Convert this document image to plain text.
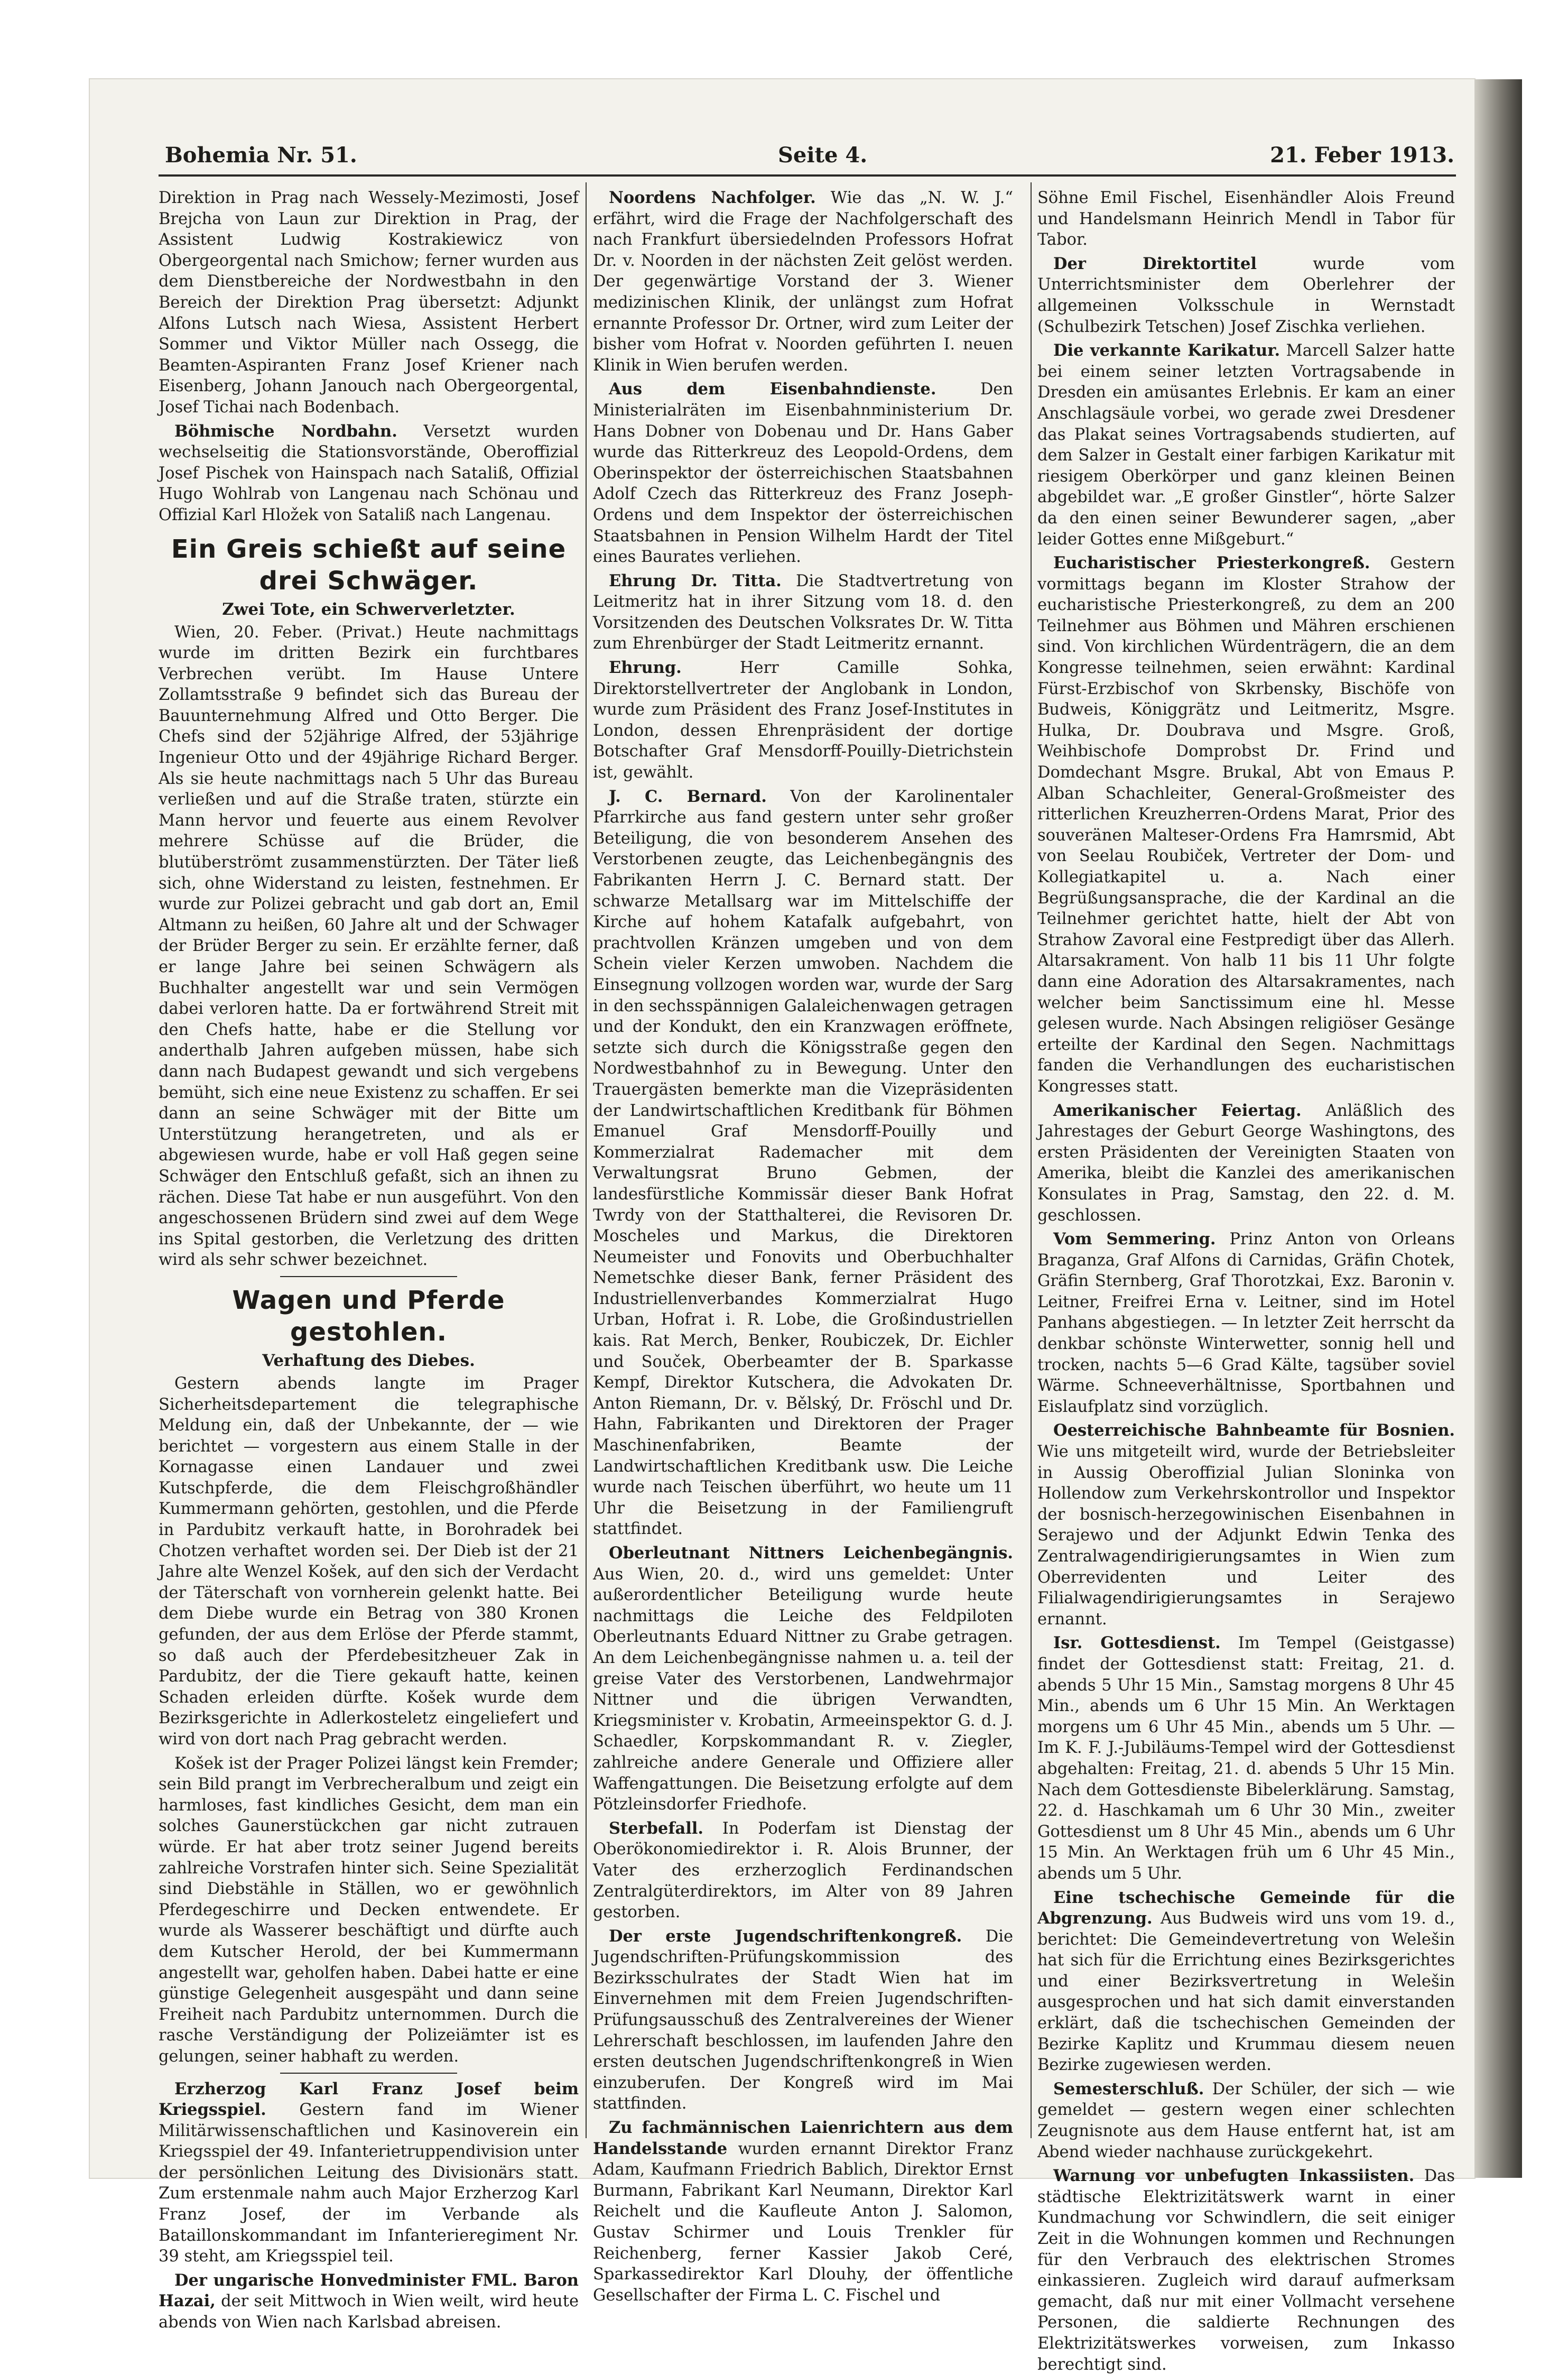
Bohemia Nr. 51.	Seite 4.	21. Feber 1913.

Direktion in Prag nach Wessely-Mezimosti, Josef Brejcha von Laun zur Direktion in Prag, der Assistent Ludwig Kostrakiewicz von Obergeorgental nach Smichow; ferner wurden aus dem Dienstbereiche der Nordwestbahn in den Bereich der Direktion Prag übersetzt: Adjunkt Alfons Lutsch nach Wiesa, Assistent Herbert Sommer und Viktor Müller nach Ossegg, die Beamten-Aspiranten Franz Josef Kriener nach Eisenberg, Johann Janouch nach Obergeorgental, Josef Tichai nach Bodenbach.

Böhmische Nordbahn. Versetzt wurden wechselseitig die Stationsvorstände, Oberoffizial Josef Pischek von Hainspach nach Sataliß, Offizial Hugo Wohlrab von Langenau nach Schönau und Offizial Karl Hložek von Sataliß nach Langenau.

Ein Greis schießt auf seine drei Schwäger.
Zwei Tote, ein Schwerverletzter.

Wien, 20. Feber. (Privat.) Heute nachmittags wurde im dritten Bezirk ein furchtbares Verbrechen verübt. Im Hause Untere Zollamtsstraße 9 befindet sich das Bureau der Bauunternehmung Alfred und Otto Berger. Die Chefs sind der 52jährige Alfred, der 53jährige Ingenieur Otto und der 49jährige Richard Berger. Als sie heute nachmittags nach 5 Uhr das Bureau verließen und auf die Straße traten, stürzte ein Mann hervor und feuerte aus einem Revolver mehrere Schüsse auf die Brüder, die blutüberströmt zusammenstürzten. Der Täter ließ sich, ohne Widerstand zu leisten, festnehmen. Er wurde zur Polizei gebracht und gab dort an, Emil Altmann zu heißen, 60 Jahre alt und der Schwager der Brüder Berger zu sein. Er erzählte ferner, daß er lange Jahre bei seinen Schwägern als Buchhalter angestellt war und sein Vermögen dabei verloren hatte. Da er fortwährend Streit mit den Chefs hatte, habe er die Stellung vor anderthalb Jahren aufgeben müssen, habe sich dann nach Budapest gewandt und sich vergebens bemüht, sich eine neue Existenz zu schaffen. Er sei dann an seine Schwäger mit der Bitte um Unterstützung herangetreten, und als er abgewiesen wurde, habe er voll Haß gegen seine Schwäger den Entschluß gefaßt, sich an ihnen zu rächen. Diese Tat habe er nun ausgeführt. Von den angeschossenen Brüdern sind zwei auf dem Wege ins Spital gestorben, die Verletzung des dritten wird als sehr schwer bezeichnet.

Wagen und Pferde gestohlen.
Verhaftung des Diebes.

Gestern abends langte im Prager Sicherheitsdepartement die telegraphische Meldung ein, daß der Unbekannte, der — wie berichtet — vorgestern aus einem Stalle in der Kornagasse einen Landauer und zwei Kutschpferde, die dem Fleischgroßhändler Kummermann gehörten, gestohlen, und die Pferde in Pardubitz verkauft hatte, in Borohradek bei Chotzen verhaftet worden sei. Der Dieb ist der 21 Jahre alte Wenzel Košek, auf den sich der Verdacht der Täterschaft von vornherein gelenkt hatte. Bei dem Diebe wurde ein Betrag von 380 Kronen gefunden, der aus dem Erlöse der Pferde stammt, so daß auch der Pferdebesitzheuer Zak in Pardubitz, der die Tiere gekauft hatte, keinen Schaden erleiden dürfte. Košek wurde dem Bezirksgerichte in Adlerkosteletz eingeliefert und wird von dort nach Prag gebracht werden.

Košek ist der Prager Polizei längst kein Fremder; sein Bild prangt im Verbrecheralbum und zeigt ein harmloses, fast kindliches Gesicht, dem man ein solches Gaunerstückchen gar nicht zutrauen würde. Er hat aber trotz seiner Jugend bereits zahlreiche Vorstrafen hinter sich. Seine Spezialität sind Diebstähle in Ställen, wo er gewöhnlich Pferdegeschirre und Decken entwendete. Er wurde als Wasserer beschäftigt und dürfte auch dem Kutscher Herold, der bei Kummermann angestellt war, geholfen haben. Dabei hatte er eine günstige Gelegenheit ausgespäht und dann seine Freiheit nach Pardubitz unternommen. Durch die rasche Verständigung der Polizeiämter ist es gelungen, seiner habhaft zu werden.

Erzherzog Karl Franz Josef beim Kriegsspiel. Gestern fand im Wiener Militärwissenschaftlichen und Kasinoverein ein Kriegsspiel der 49. Infanterietruppendivision unter der persönlichen Leitung des Divisionärs statt. Zum erstenmale nahm auch Major Erzherzog Karl Franz Josef, der im Verbande als Bataillonskommandant im Infanterieregiment Nr. 39 steht, am Kriegsspiel teil.

Der ungarische Honvedminister FML. Baron Hazai, der seit Mittwoch in Wien weilt, wird heute abends von Wien nach Karlsbad abreisen.

Noordens Nachfolger. Wie das „N. W. J.“ erfährt, wird die Frage der Nachfolgerschaft des nach Frankfurt übersiedelnden Professors Hofrat Dr. v. Noorden in der nächsten Zeit gelöst werden. Der gegenwärtige Vorstand der 3. Wiener medizinischen Klinik, der unlängst zum Hofrat ernannte Professor Dr. Ortner, wird zum Leiter der bisher vom Hofrat v. Noorden geführten I. neuen Klinik in Wien berufen werden.

Aus dem Eisenbahndienste.	Den Ministerialräten im Eisenbahnministerium Dr. Hans Dobner von Dobenau und Dr. Hans Gaber wurde das Ritterkreuz des Leopold-Ordens, dem Oberinspektor der österreichischen Staatsbahnen Adolf Czech das Ritterkreuz des Franz Joseph-Ordens und dem Inspektor der österreichischen Staatsbahnen in Pension Wilhelm Hardt der Titel eines Baurates verliehen.

Ehrung Dr. Titta. Die Stadtvertretung von Leitmeritz hat in ihrer Sitzung vom 18. d. den Vorsitzenden des Deutschen Volksrates Dr. W. Titta zum Ehrenbürger der Stadt Leitmeritz ernannt.

Ehrung.	Herr Camille Sohka, Direktorstellvertreter der Anglobank in London, wurde zum Präsident des Franz Josef-Institutes in London, dessen Ehrenpräsident der dortige Botschafter Graf Mensdorff-Pouilly-Dietrichstein ist, gewählt.

J. C. Bernard. Von der Karolinentaler Pfarrkirche aus fand gestern unter sehr großer Beteiligung, die von besonderem Ansehen des Verstorbenen zeugte, das Leichenbegängnis des Fabrikanten Herrn J. C. Bernard statt. Der schwarze Metallsarg war im Mittelschiffe der Kirche auf hohem Katafalk aufgebahrt, von prachtvollen Kränzen umgeben und von dem Schein vieler Kerzen umwoben. Nachdem die Einsegnung vollzogen worden war, wurde der Sarg in den sechsspännigen Galaleichenwagen getragen und der Kondukt, den ein Kranzwagen eröffnete, setzte sich durch die Königsstraße gegen den Nordwestbahnhof zu in Bewegung. Unter den Trauergästen bemerkte man die Vizepräsidenten der Landwirtschaftlichen Kreditbank für Böhmen Emanuel Graf Mensdorff-Pouilly und Kommerzialrat Rademacher mit dem Verwaltungsrat Bruno Gebmen, der landesfürstliche Kommissär dieser Bank Hofrat Twrdy von der Statthalterei, die Revisoren Dr. Moscheles und Markus, die Direktoren Neumeister und Fonovits und Oberbuchhalter Nemetschke dieser Bank, ferner Präsident des Industriellenverbandes Kommerzialrat Hugo Urban, Hofrat i. R. Lobe, die Großindustriellen kais. Rat Merch, Benker, Roubiczek, Dr. Eichler und Souček, Oberbeamter der B. Sparkasse Kempf, Direktor Kutschera, die Advokaten Dr. Anton Riemann, Dr. v. Bělský, Dr. Fröschl und Dr. Hahn, Fabrikanten und Direktoren der Prager Maschinenfabriken, Beamte der Landwirtschaftlichen Kreditbank usw. Die Leiche wurde nach Teischen überführt, wo heute um 11 Uhr die Beisetzung in der Familiengruft stattfindet.

Oberleutnant Nittners Leichenbegängnis. Aus Wien, 20. d., wird uns gemeldet: Unter außerordentlicher Beteiligung wurde heute nachmittags die Leiche des Feldpiloten Oberleutnants Eduard Nittner zu Grabe getragen. An dem Leichenbegängnisse nahmen u. a. teil der greise Vater des Verstorbenen, Landwehrmajor Nittner und die übrigen Verwandten, Kriegsminister v. Krobatin, Armeeinspektor G. d. J. Schaedler, Korpskommandant R. v. Ziegler, zahlreiche andere Generale und Offiziere aller Waffengattungen. Die Beisetzung erfolgte auf dem Pötzleinsdorfer Friedhofe.

Sterbefall. In Poderfam ist Dienstag der Oberökonomiedirektor i. R. Alois Brunner, der Vater des erzherzoglich Ferdinandschen Zentralgüterdirektors, im Alter von 89 Jahren gestorben.

Der erste Jugendschriftenkongreß. Die Jugendschriften-Prüfungskommission des Bezirksschulrates der Stadt Wien hat im Einvernehmen mit dem Freien Jugendschriften-Prüfungsausschuß des Zentralvereines der Wiener Lehrerschaft beschlossen, im laufenden Jahre den ersten deutschen Jugendschriftenkongreß in Wien einzuberufen. Der Kongreß wird im Mai stattfinden.

Zu fachmännischen Laienrichtern aus dem Handelsstande wurden ernannt Direktor Franz Adam, Kaufmann Friedrich Bablich, Direktor Ernst Burmann, Fabrikant Karl Neumann, Direktor Karl Reichelt und die Kaufleute Anton J. Salomon, Gustav Schirmer und Louis Trenkler für Reichenberg, ferner Kassier Jakob Ceré, Sparkassedirektor Karl Dlouhy, der öffentliche Gesellschafter der Firma L. C. Fischel und

Söhne Emil Fischel, Eisenhändler Alois Freund und Handelsmann Heinrich Mendl in Tabor für Tabor.

Der Direktortitel	wurde vom Unterrichtsminister dem Oberlehrer der allgemeinen Volksschule in Wernstadt (Schulbezirk Tetschen) Josef Zischka verliehen.

Die verkannte Karikatur. Marcell Salzer hatte bei einem seiner letzten Vortragsabende in Dresden ein amüsantes Erlebnis. Er kam an einer Anschlagsäule vorbei, wo gerade zwei Dresdener das Plakat seines Vortragsabends studierten, auf dem Salzer in Gestalt einer farbigen Karikatur mit riesigem Oberkörper und ganz kleinen Beinen abgebildet war. „E großer Ginstler“, hörte Salzer da den einen seiner Bewunderer sagen, „aber leider Gottes enne Mißgeburt.“

Eucharistischer Priesterkongreß. Gestern vormittags begann im Kloster Strahow der eucharistische Priesterkongreß, zu dem an 200 Teilnehmer aus Böhmen und Mähren erschienen sind. Von kirchlichen Würdenträgern, die an dem Kongresse teilnehmen, seien erwähnt: Kardinal Fürst-Erzbischof von Skrbensky, Bischöfe von Budweis, Königgrätz und Leitmeritz, Msgre. Hulka, Dr. Doubrava und Msgre. Groß, Weihbischofe Domprobst Dr. Frind und Domdechant Msgre. Brukal, Abt von Emaus P. Alban Schachleiter, General-Großmeister des ritterlichen Kreuzherren-Ordens Marat, Prior des souveränen Malteser-Ordens Fra Hamrsmid, Abt von Seelau Roubiček, Vertreter der Dom- und Kollegiatkapitel u. a. Nach einer Begrüßungsansprache, die der Kardinal an die Teilnehmer gerichtet hatte, hielt der Abt von Strahow Zavoral eine Festpredigt über das Allerh. Altarsakrament. Von halb 11 bis 11 Uhr folgte dann eine Adoration des Altarsakramentes, nach welcher beim Sanctissimum eine hl. Messe gelesen wurde. Nach Absingen religiöser Gesänge erteilte der Kardinal den Segen. Nachmittags fanden die Verhandlungen des eucharistischen Kongresses statt.

Amerikanischer Feiertag. Anläßlich des Jahrestages der Geburt George Washingtons, des ersten Präsidenten der Vereinigten Staaten von Amerika, bleibt die Kanzlei des amerikanischen Konsulates in Prag, Samstag, den 22. d. M. geschlossen.

Vom Semmering. Prinz Anton von Orleans Braganza, Graf Alfons di Carnidas, Gräfin Chotek, Gräfin Sternberg, Graf Thorotzkai, Exz. Baronin v. Leitner, Freifrei Erna v. Leitner, sind im Hotel Panhans abgestiegen. — In letzter Zeit herrscht da denkbar schönste Winterwetter, sonnig hell und trocken, nachts 5—6 Grad Kälte, tagsüber soviel Wärme. Schneeverhältnisse, Sportbahnen und Eislaufplatz sind vorzüglich.

Oesterreichische Bahnbeamte für Bosnien. Wie uns mitgeteilt wird, wurde der Betriebsleiter in Aussig Oberoffizial Julian Sloninka von Hollendow zum Verkehrskontrollor und Inspektor der bosnisch-herzegowinischen Eisenbahnen in Serajewo und der Adjunkt Edwin Tenka des Zentralwagendirigierungsamtes in Wien zum Oberrevidenten und Leiter des Filialwagendirigierungsamtes in Serajewo ernannt.

Isr. Gottesdienst. Im Tempel (Geistgasse) findet der Gottesdienst statt: Freitag, 21. d. abends 5 Uhr 15 Min., Samstag morgens 8 Uhr 45 Min., abends um 6 Uhr 15 Min. An Werktagen morgens um 6 Uhr 45 Min., abends um 5 Uhr. — Im K. F. J.-Jubiläums-Tempel wird der Gottesdienst abgehalten: Freitag, 21. d. abends 5 Uhr 15 Min. Nach dem Gottesdienste Bibelerklärung. Samstag, 22. d. Haschkamah um 6 Uhr 30 Min., zweiter Gottesdienst um 8 Uhr 45 Min., abends um 6 Uhr 15 Min. An Werktagen früh um 6 Uhr 45 Min., abends um 5 Uhr.

Eine tschechische Gemeinde für die Abgrenzung. Aus Budweis wird uns vom 19. d., berichtet: Die Gemeindevertretung von Welešin hat sich für die Errichtung eines Bezirksgerichtes und einer Bezirksvertretung in Welešin ausgesprochen und hat sich damit einverstanden erklärt, daß die tschechischen Gemeinden der Bezirke Kaplitz und Krummau diesem neuen Bezirke zugewiesen werden.

Semesterschluß. Der Schüler, der sich — wie gemeldet — gestern wegen einer schlechten Zeugnisnote aus dem Hause entfernt hat, ist am Abend wieder nachhause zurückgekehrt.

Warnung vor unbefugten Inkassiisten. Das städtische Elektrizitätswerk warnt in einer Kundmachung vor Schwindlern, die seit einiger Zeit in die Wohnungen kommen und Rechnungen für den Verbrauch des elektrischen Stromes einkassieren. Zugleich wird darauf aufmerksam gemacht, daß nur mit einer Vollmacht versehene Personen, die saldierte Rechnungen des Elektrizitätswerkes vorweisen, zum Inkasso berechtigt sind.
